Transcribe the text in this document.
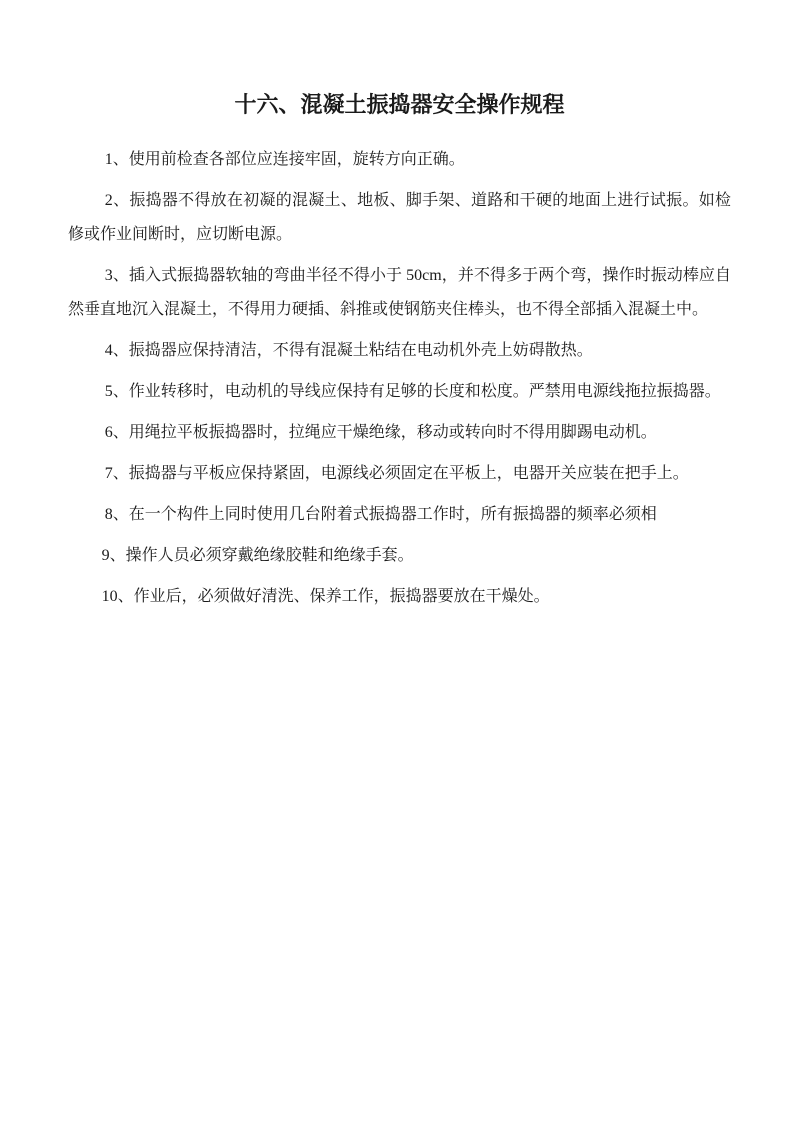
十六、混凝土振捣器安全操作规程

1、使用前检查各部位应连接牢固，旋转方向正确。

2、振捣器不得放在初凝的混凝土、地板、脚手架、道路和干硬的地面上进行试振。如检修或作业间断时，应切断电源。

3、插入式振捣器软轴的弯曲半径不得小于 50cm，并不得多于两个弯，操作时振动棒应自然垂直地沉入混凝土，不得用力硬插、斜推或使钢筋夹住棒头，也不得全部插入混凝土中。

4、振捣器应保持清洁，不得有混凝土粘结在电动机外壳上妨碍散热。

5、作业转移时，电动机的导线应保持有足够的长度和松度。严禁用电源线拖拉振捣器。

6、用绳拉平板振捣器时，拉绳应干燥绝缘，移动或转向时不得用脚踢电动机。

7、振捣器与平板应保持紧固，电源线必须固定在平板上，电器开关应装在把手上。

8、在一个构件上同时使用几台附着式振捣器工作时，所有振捣器的频率必须相

9、操作人员必须穿戴绝缘胶鞋和绝缘手套。

10、作业后，必须做好清洗、保养工作，振捣器要放在干燥处。
